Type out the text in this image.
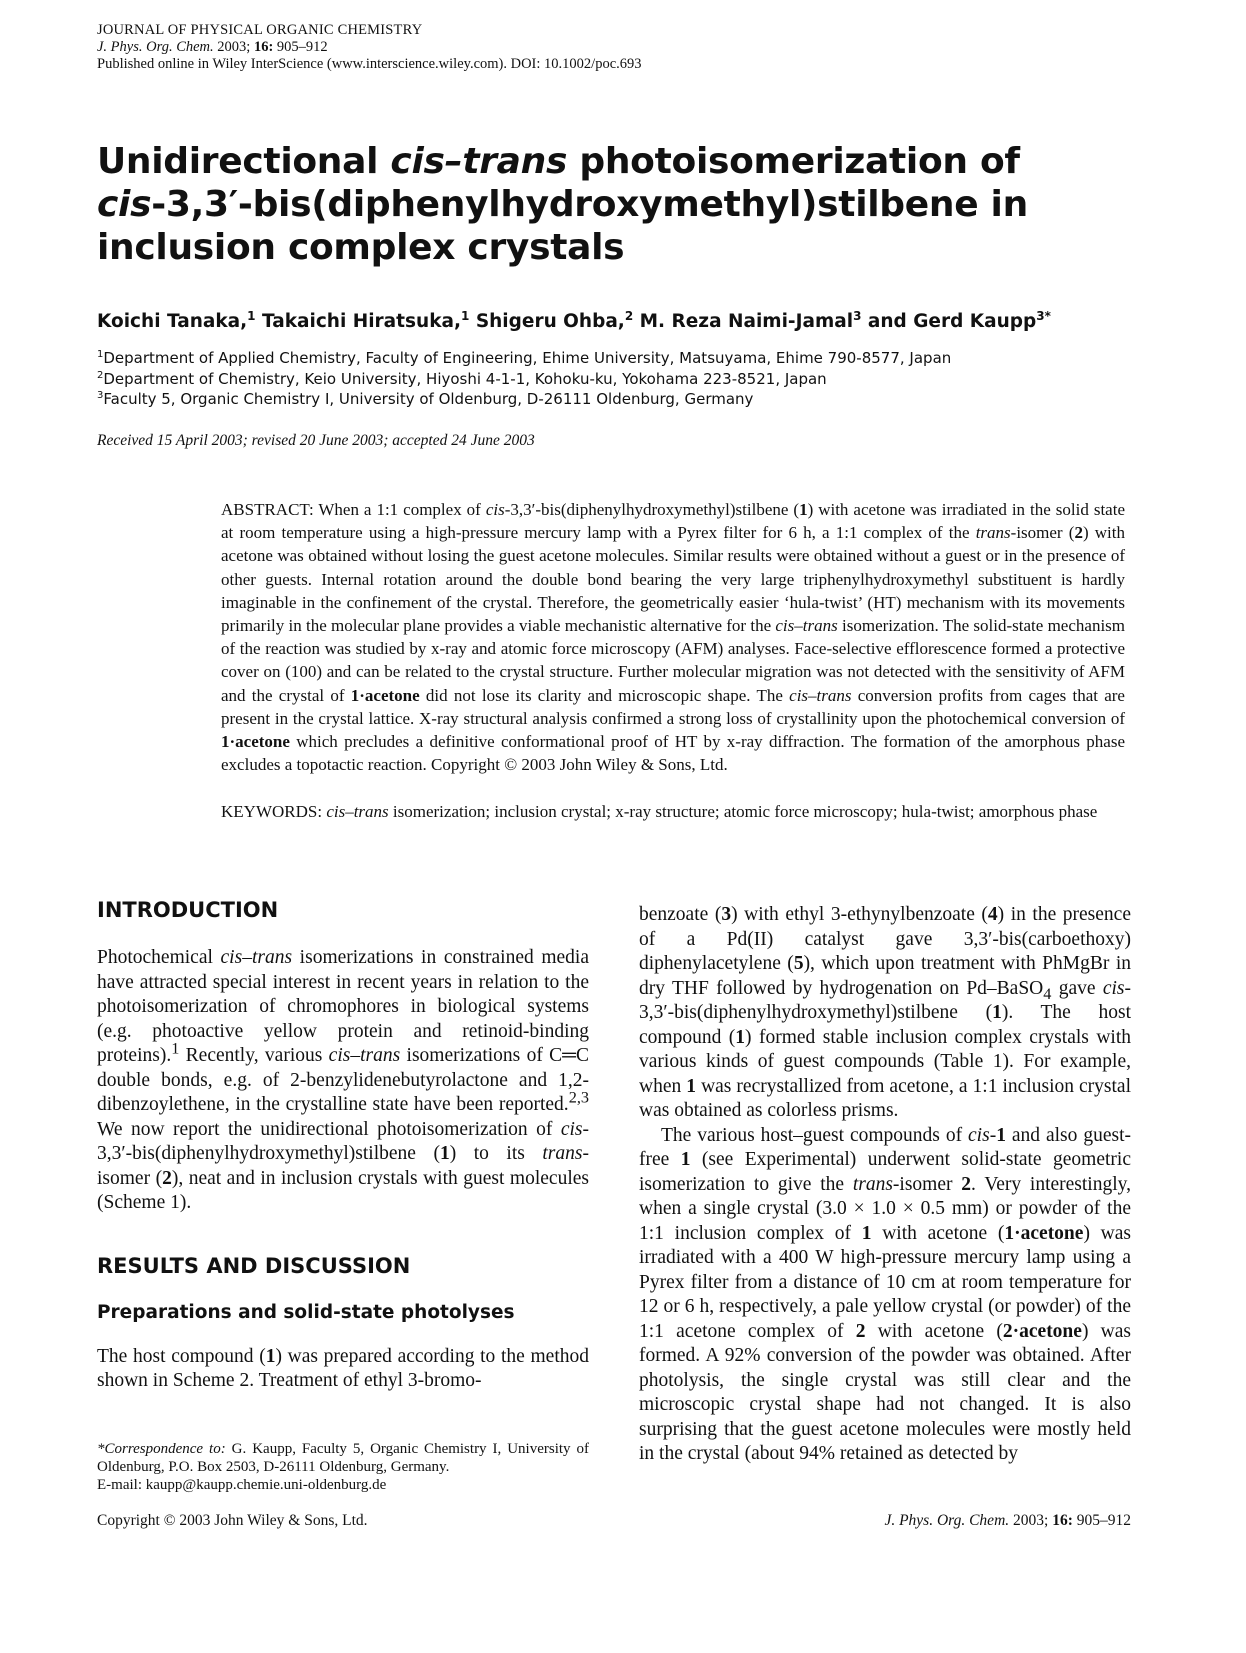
JOURNAL OF PHYSICAL ORGANIC CHEMISTRY
J. Phys. Org. Chem. 2003; 16: 905–912
Published online in Wiley InterScience (www.interscience.wiley.com). DOI: 10.1002/poc.693
Unidirectional cis–trans photoisomerization of
cis-3,3′-bis(diphenylhydroxymethyl)stilbene in
inclusion complex crystals
Koichi Tanaka,$^1$ Takaichi Hiratsuka,$^1$ Shigeru Ohba,$^2$ M. Reza Naimi-Jamal$^3$ and Gerd Kaupp$^{3*}$
$^1$Department of Applied Chemistry, Faculty of Engineering, Ehime University, Matsuyama, Ehime 790-8577, Japan
$^2$Department of Chemistry, Keio University, Hiyoshi 4-1-1, Kohoku-ku, Yokohama 223-8521, Japan
$^3$Faculty 5, Organic Chemistry I, University of Oldenburg, D-26111 Oldenburg, Germany
Received 15 April 2003; revised 20 June 2003; accepted 24 June 2003

ABSTRACT: When a 1:1 complex of cis-3,3′-bis(diphenylhydroxymethyl)stilbene (1) with acetone was irradiated in the solid state at room temperature using a high-pressure mercury lamp with a Pyrex filter for 6 h, a 1:1 complex of the trans-isomer (2) with acetone was obtained without losing the guest acetone molecules. Similar results were obtained without a guest or in the presence of other guests. Internal rotation around the double bond bearing the very large triphenylhydroxymethyl substituent is hardly imaginable in the confinement of the crystal. Therefore, the geometrically easier ‘hula-twist’ (HT) mechanism with its movements primarily in the molecular plane provides a viable mechanistic alternative for the cis–trans isomerization. The solid-state mechanism of the reaction was studied by x-ray and atomic force microscopy (AFM) analyses. Face-selective efflorescence formed a protective cover on (100) and can be related to the crystal structure. Further molecular migration was not detected with the sensitivity of AFM and the crystal of 1·acetone did not lose its clarity and microscopic shape. The cis–trans conversion profits from cages that are present in the crystal lattice. X-ray structural analysis confirmed a strong loss of crystallinity upon the photochemical conversion of 1·acetone which precludes a definitive conformational proof of HT by x-ray diffraction. The formation of the amorphous phase excludes a topotactic reaction. Copyright © 2003 John Wiley & Sons, Ltd.

KEYWORDS: cis–trans isomerization; inclusion crystal; x-ray structure; atomic force microscopy; hula-twist; amorphous phase

INTRODUCTION

Photochemical cis–trans isomerizations in constrained media have attracted special interest in recent years in relation to the photoisomerization of chromophores in biological systems (e.g. photoactive yellow protein and retinoid-binding proteins).$^1$ Recently, various cis–trans isomerizations of C═C double bonds, e.g. of 2-benzylidenebutyrolactone and 1,2-dibenzoylethene, in the crystalline state have been reported.$^{2,3}$ We now report the unidirectional photoisomerization of cis-3,3′-bis(diphenylhydroxymethyl)stilbene (1) to its trans-isomer (2), neat and in inclusion crystals with guest molecules (Scheme 1).

RESULTS AND DISCUSSION
Preparations and solid-state photolyses

The host compound (1) was prepared according to the method shown in Scheme 2. Treatment of ethyl 3-bromo-

benzoate (3) with ethyl 3-ethynylbenzoate (4) in the presence of a Pd(II) catalyst gave 3,3′-bis(carboethoxy) diphenylacetylene (5), which upon treatment with PhMgBr in dry THF followed by hydrogenation on Pd–BaSO$_4$ gave cis-3,3′-bis(diphenylhydroxymethyl)stilbene (1). The host compound (1) formed stable inclusion complex crystals with various kinds of guest compounds (Table 1). For example, when 1 was recrystallized from acetone, a 1:1 inclusion crystal was obtained as colorless prisms.

The various host–guest compounds of cis-1 and also guest-free 1 (see Experimental) underwent solid-state geometric isomerization to give the trans-isomer 2. Very interestingly, when a single crystal (3.0 × 1.0 × 0.5 mm) or powder of the 1:1 inclusion complex of 1 with acetone (1·acetone) was irradiated with a 400 W high-pressure mercury lamp using a Pyrex filter from a distance of 10 cm at room temperature for 12 or 6 h, respectively, a pale yellow crystal (or powder) of the 1:1 acetone complex of 2 with acetone (2·acetone) was formed. A 92% conversion of the powder was obtained. After photolysis, the single crystal was still clear and the microscopic crystal shape had not changed. It is also surprising that the guest acetone molecules were mostly held in the crystal (about 94% retained as detected by

*Correspondence to: G. Kaupp, Faculty 5, Organic Chemistry I, University of Oldenburg, P.O. Box 2503, D-26111 Oldenburg, Germany.
E-mail: kaupp@kaupp.chemie.uni-oldenburg.de

Copyright © 2003 John Wiley & Sons, Ltd.	J. Phys. Org. Chem. 2003; 16: 905–912
